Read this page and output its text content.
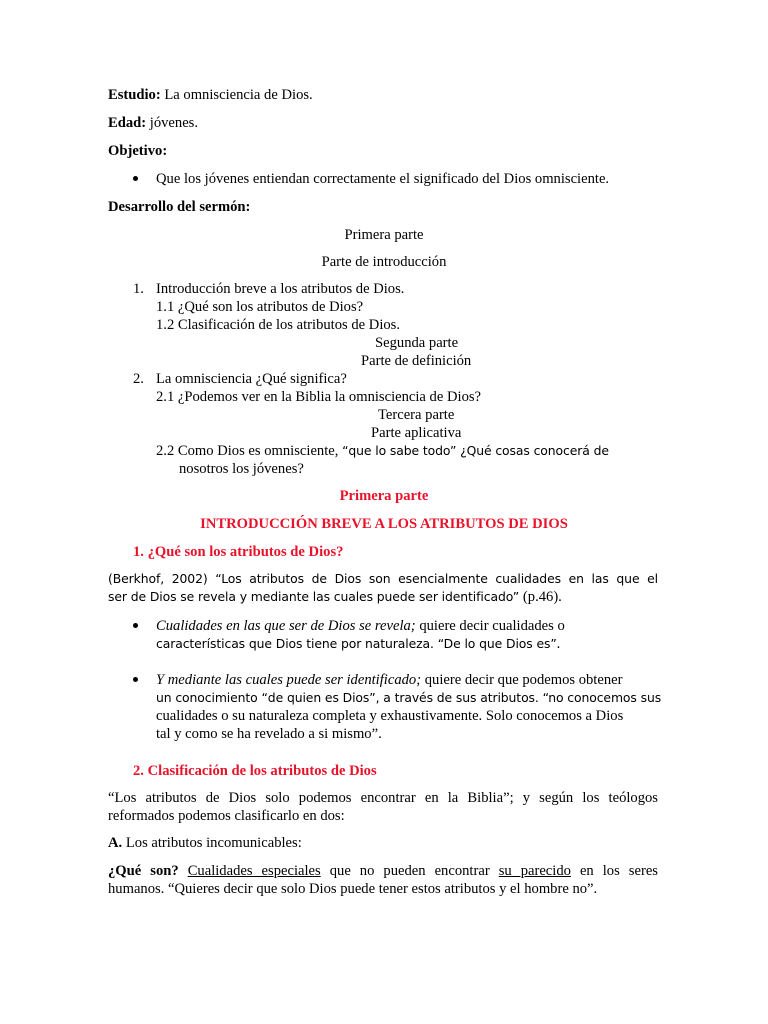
Estudio: La omnisciencia de Dios.
Edad: jóvenes.
Objetivo:
Que los jóvenes entiendan correctamente el significado del Dios omnisciente.
Desarrollo del sermón:
Primera parte
Parte de introducción
1. Introducción breve a los atributos de Dios.
1.1 ¿Qué son los atributos de Dios?
1.2 Clasificación de los atributos de Dios.
Segunda parte
Parte de definición
2. La omnisciencia ¿Qué significa?
2.1 ¿Podemos ver en la Biblia la omnisciencia de Dios?
Tercera parte
Parte aplicativa
2.2 Como Dios es omnisciente, “que lo sabe todo” ¿Qué cosas conocerá de
nosotros los jóvenes?
Primera parte
INTRODUCCIÓN BREVE A LOS ATRIBUTOS DE DIOS
1. ¿Qué son los atributos de Dios?
(Berkhof, 2002) “Los atributos de Dios son esencialmente cualidades en las que el
ser de Dios se revela y mediante las cuales puede ser identificado” (p.46).
Cualidades en las que ser de Dios se revela; quiere decir cualidades o
características que Dios tiene por naturaleza. “De lo que Dios es”.
Y mediante las cuales puede ser identificado; quiere decir que podemos obtener
un conocimiento “de quien es Dios”, a través de sus atributos. “no conocemos sus
cualidades o su naturaleza completa y exhaustivamente. Solo conocemos a Dios
tal y como se ha revelado a si mismo”.
2. Clasificación de los atributos de Dios
“Los atributos de Dios solo podemos encontrar en la Biblia”; y según los teólogos
reformados podemos clasificarlo en dos:
A. Los atributos incomunicables:
¿Qué son? Cualidades especiales que no pueden encontrar su parecido en los seres
humanos. “Quieres decir que solo Dios puede tener estos atributos y el hombre no”.
